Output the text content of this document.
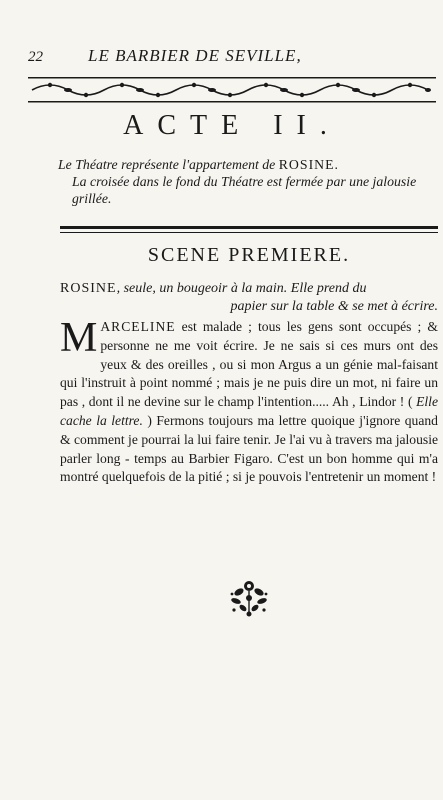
22	LE BARBIER DE SEVILLE,
ACTE II.
Le Théatre représente l'appartement de ROSINE.
La croisée dans le fond du Théatre est fermée par une jalousie grillée.
SCENE PREMIERE.
ROSINE, seule, un bougeoir à la main. Elle prend du
papier sur la table & se met à écrire.
MARCELINE est malade ; tous les gens sont occupés ; & personne ne me voit écrire. Je ne sais si ces murs ont des yeux & des oreilles , ou si mon Argus a un génie mal-faisant qui l'instruit à point nommé ; mais je ne puis dire un mot, ni faire un pas , dont il ne devine sur le champ l'intention..... Ah , Lindor ! ( Elle cache la lettre. ) Fermons toujours ma lettre quoique j'ignore quand & comment je pourrai la lui faire tenir. Je l'ai vu à travers ma jalousie parler long - temps au Barbier Figaro. C'est un bon homme qui m'a montré quelquefois de la pitié ; si je pouvois l'entretenir un moment !
